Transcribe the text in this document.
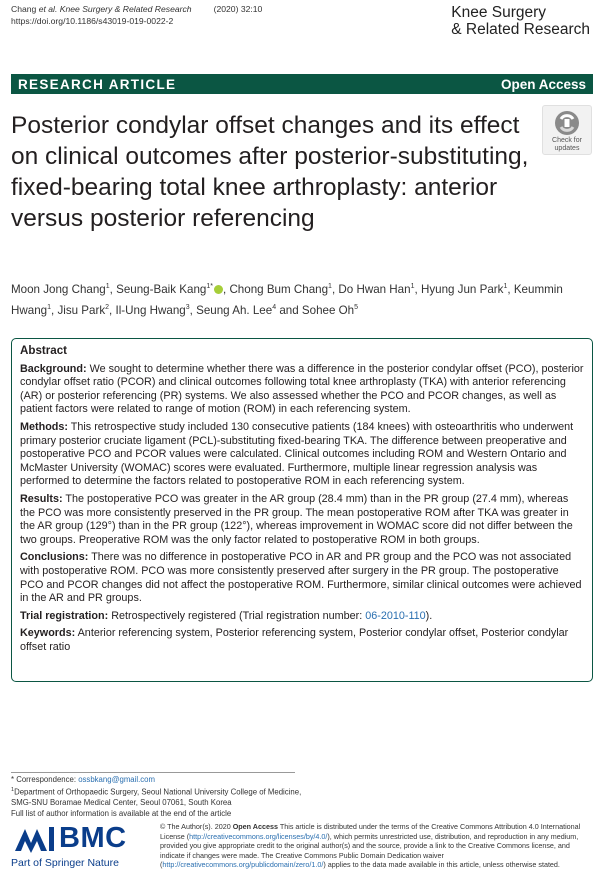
Chang et al. Knee Surgery & Related Research	(2020) 32:10
https://doi.org/10.1186/s43019-019-0022-2	Knee Surgery
& Related Research
RESEARCH ARTICLE	Open Access
Posterior condylar offset changes and its effect on clinical outcomes after posterior-substituting, fixed-bearing total knee arthroplasty: anterior versus posterior referencing
Check for
updates
Moon Jong Chang$^1$, Seung-Baik Kang$^{1*}$ , Chong Bum Chang$^1$, Do Hwan Han$^1$, Hyung Jun Park$^1$, Keummin Hwang$^1$, Jisu Park$^2$, Il-Ung Hwang$^3$, Seung Ah. Lee$^4$ and Sohee Oh$^5$
Abstract

Background: We sought to determine whether there was a difference in the posterior condylar offset (PCO), posterior condylar offset ratio (PCOR) and clinical outcomes following total knee arthroplasty (TKA) with anterior referencing (AR) or posterior referencing (PR) systems. We also assessed whether the PCO and PCOR changes, as well as patient factors were related to range of motion (ROM) in each referencing system.

Methods: This retrospective study included 130 consecutive patients (184 knees) with osteoarthritis who underwent primary posterior cruciate ligament (PCL)-substituting fixed-bearing TKA. The difference between preoperative and postoperative PCO and PCOR values were calculated. Clinical outcomes including ROM and Western Ontario and McMaster University (WOMAC) scores were evaluated. Furthermore, multiple linear regression analysis was performed to determine the factors related to postoperative ROM in each referencing system.

Results: The postoperative PCO was greater in the AR group (28.4 mm) than in the PR group (27.4 mm), whereas the PCO was more consistently preserved in the PR group. The mean postoperative ROM after TKA was greater in the AR group (129°) than in the PR group (122°), whereas improvement in WOMAC score did not differ between the two groups. Preoperative ROM was the only factor related to postoperative ROM in both groups.

Conclusions: There was no difference in postoperative PCO in AR and PR group and the PCO was not associated with postoperative ROM. PCO was more consistently preserved after surgery in the PR group. The postoperative PCO and PCOR changes did not affect the postoperative ROM. Furthermore, similar clinical outcomes were achieved in the AR and PR groups.

Trial registration: Retrospectively registered (Trial registration number: 06-2010-110).

Keywords: Anterior referencing system, Posterior referencing system, Posterior condylar offset, Posterior condylar offset ratio

* Correspondence: ossbkang@gmail.com
$^1$Department of Orthopaedic Surgery, Seoul National University College of Medicine, SMG-SNU Boramae Medical Center, Seoul 07061, South Korea
Full list of author information is available at the end of the article
BMC
Part of Springer Nature
© The Author(s). 2020 Open Access This article is distributed under the terms of the Creative Commons Attribution 4.0 International License (http://creativecommons.org/licenses/by/4.0/), which permits unrestricted use, distribution, and reproduction in any medium, provided you give appropriate credit to the original author(s) and the source, provide a link to the Creative Commons license, and indicate if changes were made. The Creative Commons Public Domain Dedication waiver (http://creativecommons.org/publicdomain/zero/1.0/) applies to the data made available in this article, unless otherwise stated.
